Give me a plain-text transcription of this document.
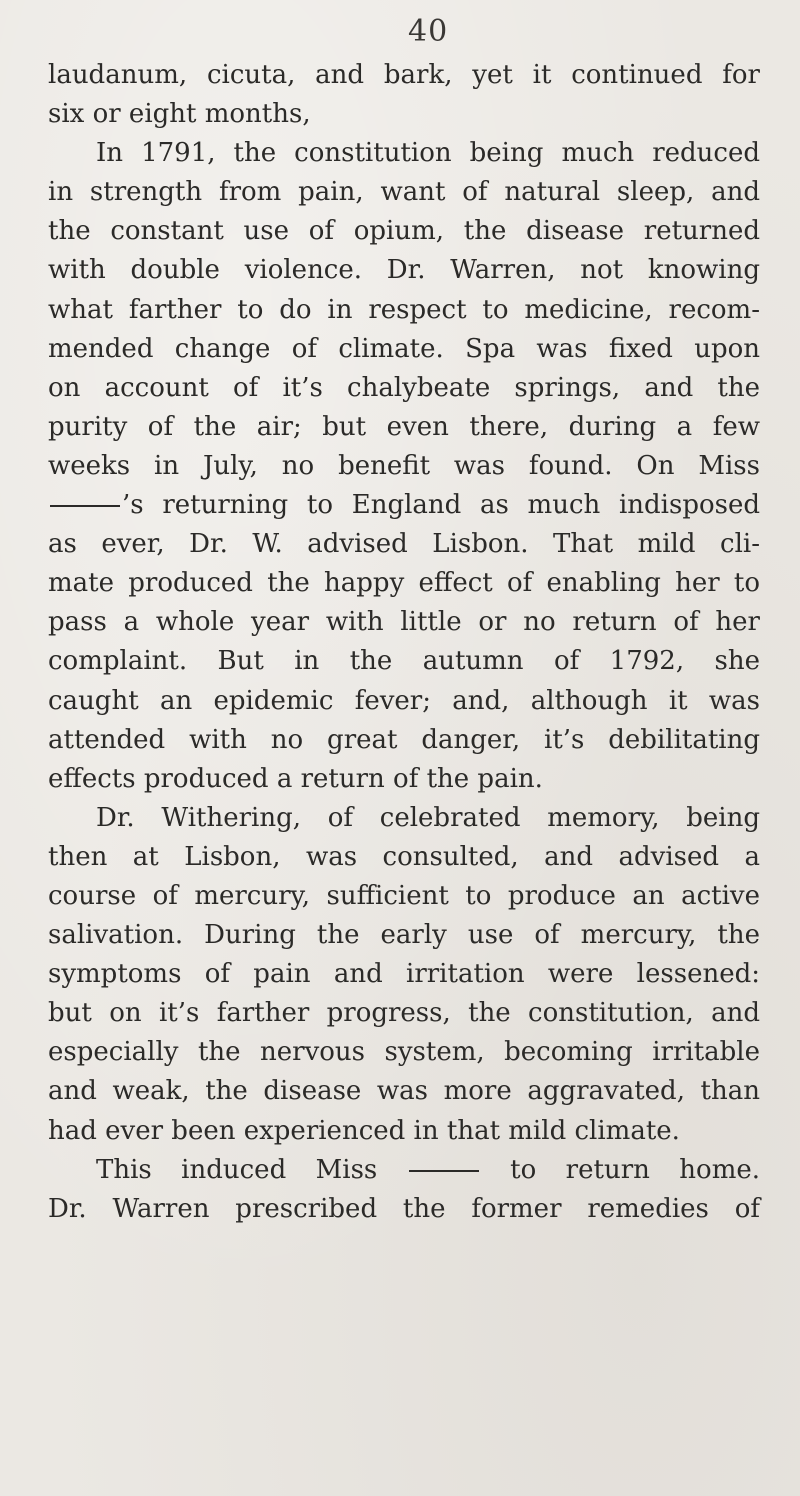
40
laudanum, cicuta, and bark, yet it continued for
six or eight months,
In 1791, the constitution being much reduced
in strength from pain, want of natural sleep, and
the constant use of opium, the disease returned
with double violence. Dr. Warren, not knowing
what farther to do in respect to medicine, recom-
mended change of climate. Spa was fixed upon
on account of it’s chalybeate springs, and the
purity of the air; but even there, during a few
weeks in July, no benefit was found. On Miss
’s returning to England as much indisposed
as ever, Dr. W. advised Lisbon. That mild cli-
mate produced the happy effect of enabling her to
pass a whole year with little or no return of her
complaint. But in the autumn of 1792, she
caught an epidemic fever; and, although it was
attended with no great danger, it’s debilitating
effects produced a return of the pain.
Dr. Withering, of celebrated memory, being
then at Lisbon, was consulted, and advised a
course of mercury, sufficient to produce an active
salivation. During the early use of mercury, the
symptoms of pain and irritation were lessened:
but on it’s farther progress, the constitution, and
especially the nervous system, becoming irritable
and weak, the disease was more aggravated, than
had ever been experienced in that mild climate.
This induced Miss	to return home.
Dr. Warren prescribed the former remedies of
